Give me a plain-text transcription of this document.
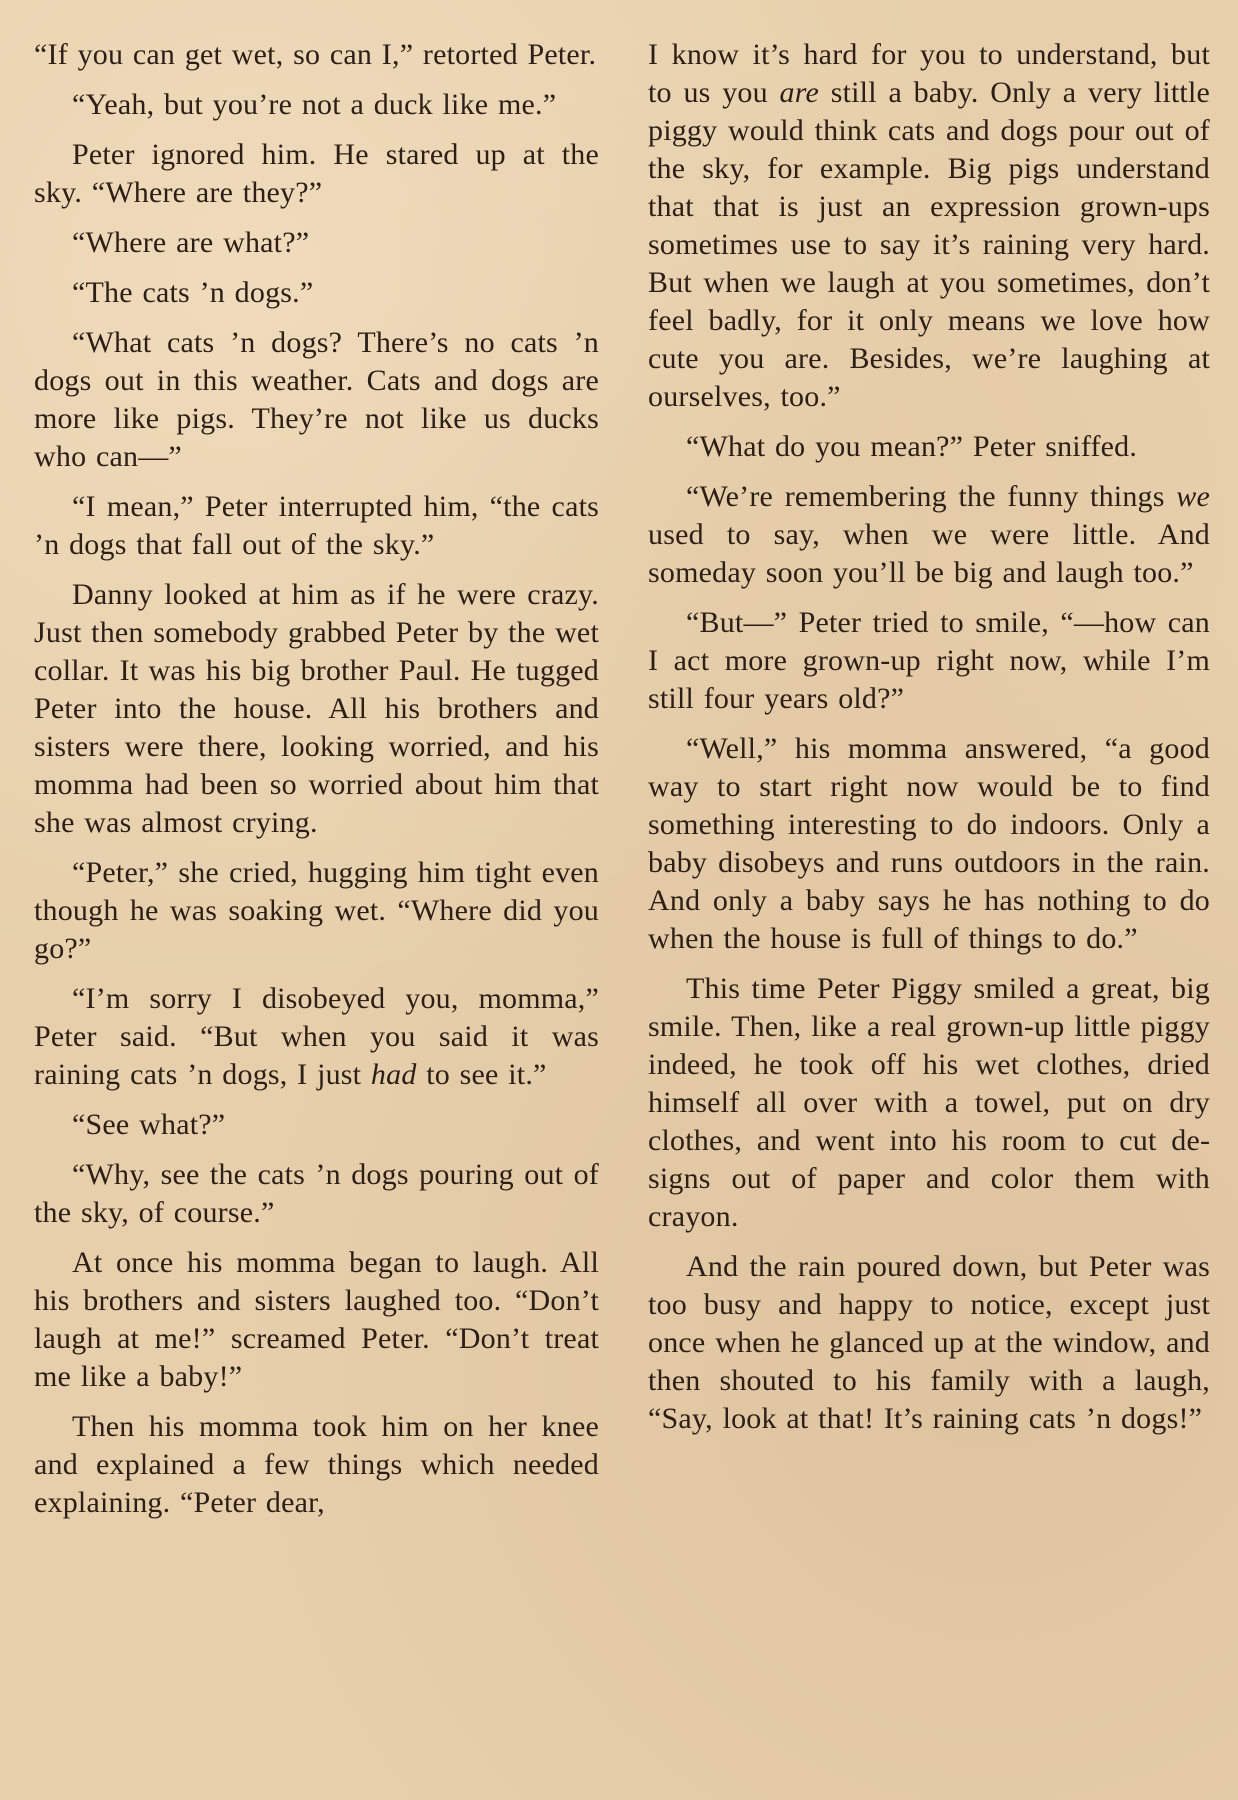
“If you can get wet, so can I,” retorted Peter.

“Yeah, but you’re not a duck like me.”

Peter ignored him. He stared up at the sky. “Where are they?”

“Where are what?”

“The cats ’n dogs.”

“What cats ’n dogs? There’s no cats ’n dogs out in this weather. Cats and dogs are more like pigs. They’re not like us ducks who can—”

“I mean,” Peter interrupted him, “the cats ’n dogs that fall out of the sky.”

Danny looked at him as if he were crazy. Just then somebody grabbed Peter by the wet collar. It was his big brother Paul. He tugged Peter into the house. All his brothers and sisters were there, looking worried, and his momma had been so worried about him that she was almost crying.

“Peter,” she cried, hugging him tight even though he was soaking wet. “Where did you go?”

“I’m sorry I disobeyed you, momma,” Peter said. “But when you said it was raining cats ’n dogs, I just had to see it.”

“See what?”

“Why, see the cats ’n dogs pouring out of the sky, of course.”

At once his momma began to laugh. All his brothers and sisters laughed too. “Don’t laugh at me!” screamed Peter. “Don’t treat me like a baby!”

Then his momma took him on her knee and explained a few things which needed explaining. “Peter dear,

I know it’s hard for you to understand, but to us you are still a baby. Only a very little piggy would think cats and dogs pour out of the sky, for example. Big pigs understand that that is just an expression grown-ups sometimes use to say it’s raining very hard. But when we laugh at you sometimes, don’t feel badly, for it only means we love how cute you are. Besides, we’re laughing at ourselves, too.”

“What do you mean?” Peter sniffed.

“We’re remembering the funny things we used to say, when we were little. And someday soon you’ll be big and laugh too.”

“But—” Peter tried to smile, “—how can I act more grown-up right now, while I’m still four years old?”

“Well,” his momma answered, “a good way to start right now would be to find something interesting to do indoors. Only a baby disobeys and runs outdoors in the rain. And only a baby says he has nothing to do when the house is full of things to do.”

This time Peter Piggy smiled a great, big smile. Then, like a real grown-up little piggy indeed, he took off his wet clothes, dried himself all over with a towel, put on dry clothes, and went into his room to cut designs out of paper and color them with crayon.

And the rain poured down, but Peter was too busy and happy to notice, except just once when he glanced up at the window, and then shouted to his family with a laugh, “Say, look at that! It’s raining cats ’n dogs!”
